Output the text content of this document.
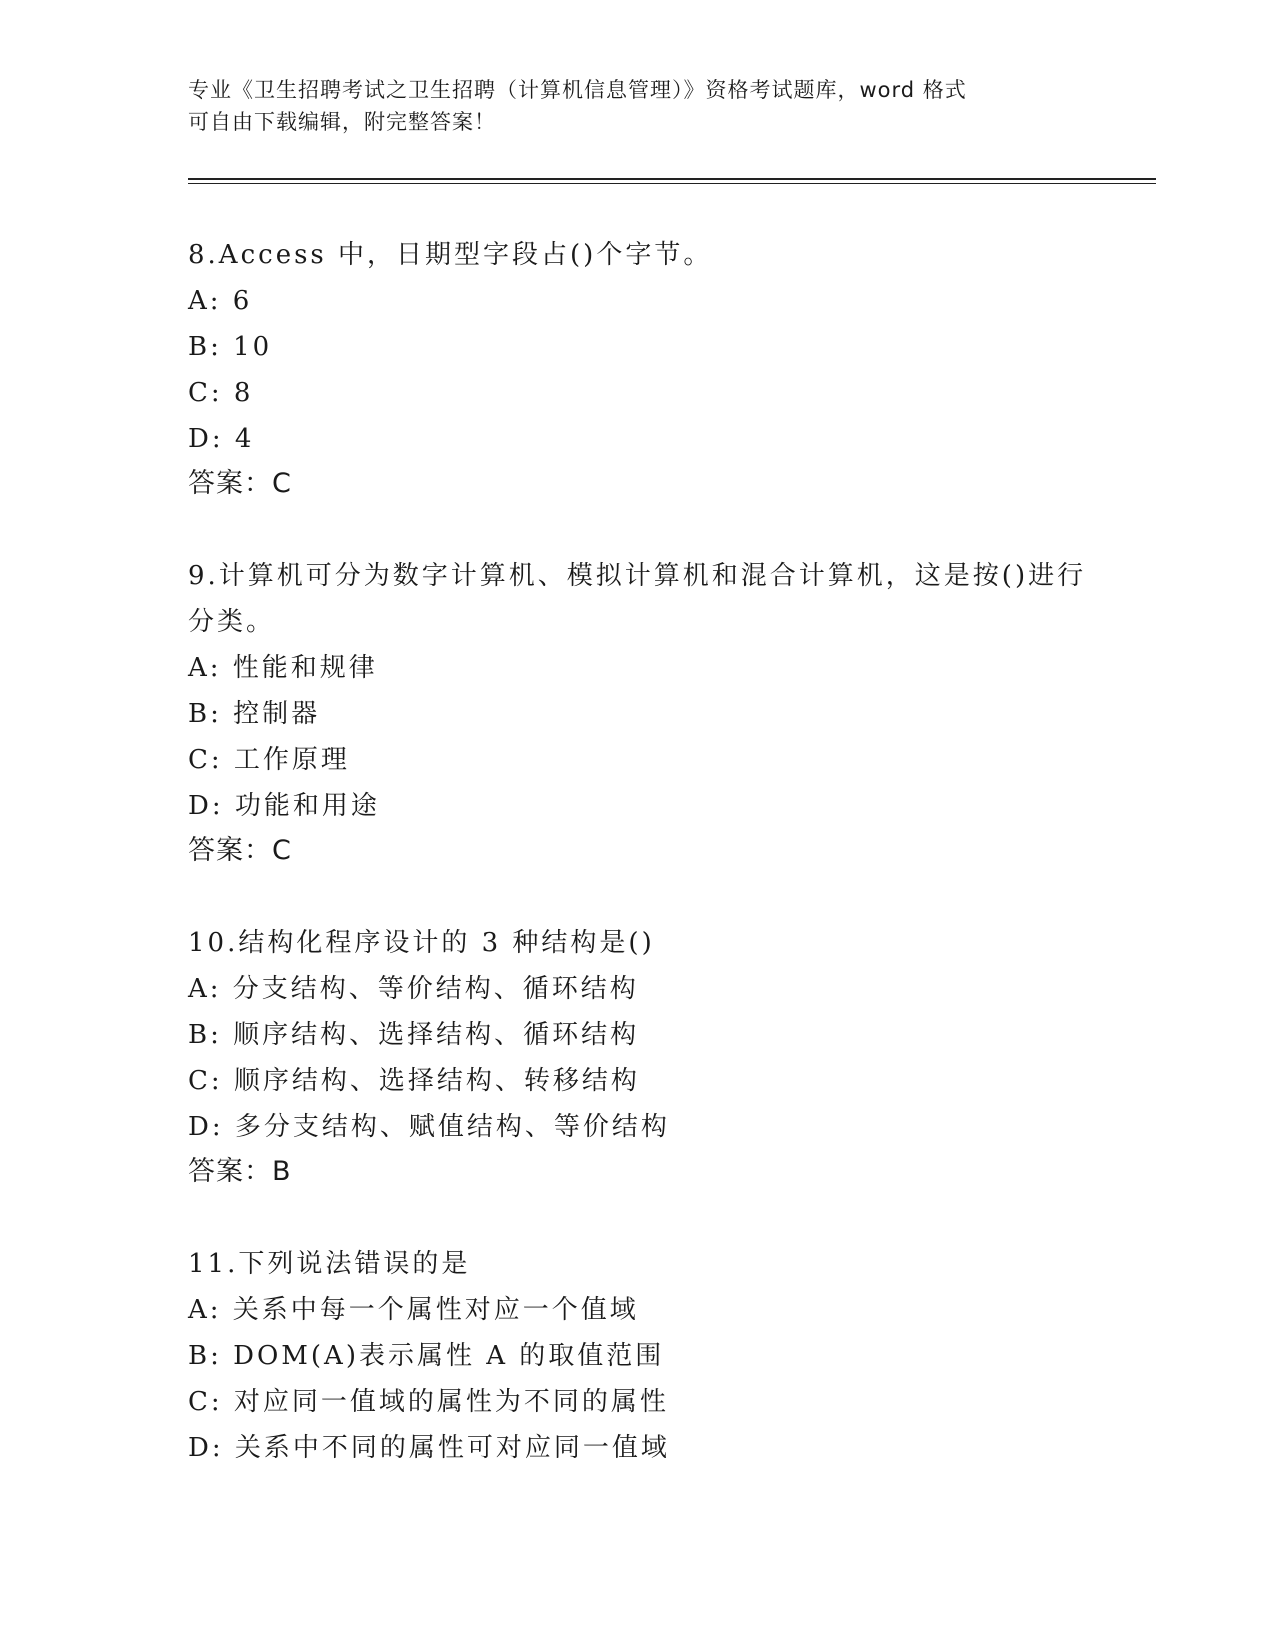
专业《卫生招聘考试之卫生招聘（计算机信息管理）》资格考试题库，word 格式
可自由下载编辑，附完整答案！
8.Access 中，日期型字段占()个字节。
A: 6
B: 10
C: 8
D: 4
答案：C
9.计算机可分为数字计算机、模拟计算机和混合计算机，这是按()进行分类。
A: 性能和规律
B: 控制器
C: 工作原理
D: 功能和用途
答案：C
10.结构化程序设计的 3 种结构是()
A: 分支结构、等价结构、循环结构
B: 顺序结构、选择结构、循环结构
C: 顺序结构、选择结构、转移结构
D: 多分支结构、赋值结构、等价结构
答案：B
11.下列说法错误的是
A: 关系中每一个属性对应一个值域
B: DOM(A)表示属性 A 的取值范围
C: 对应同一值域的属性为不同的属性
D: 关系中不同的属性可对应同一值域
